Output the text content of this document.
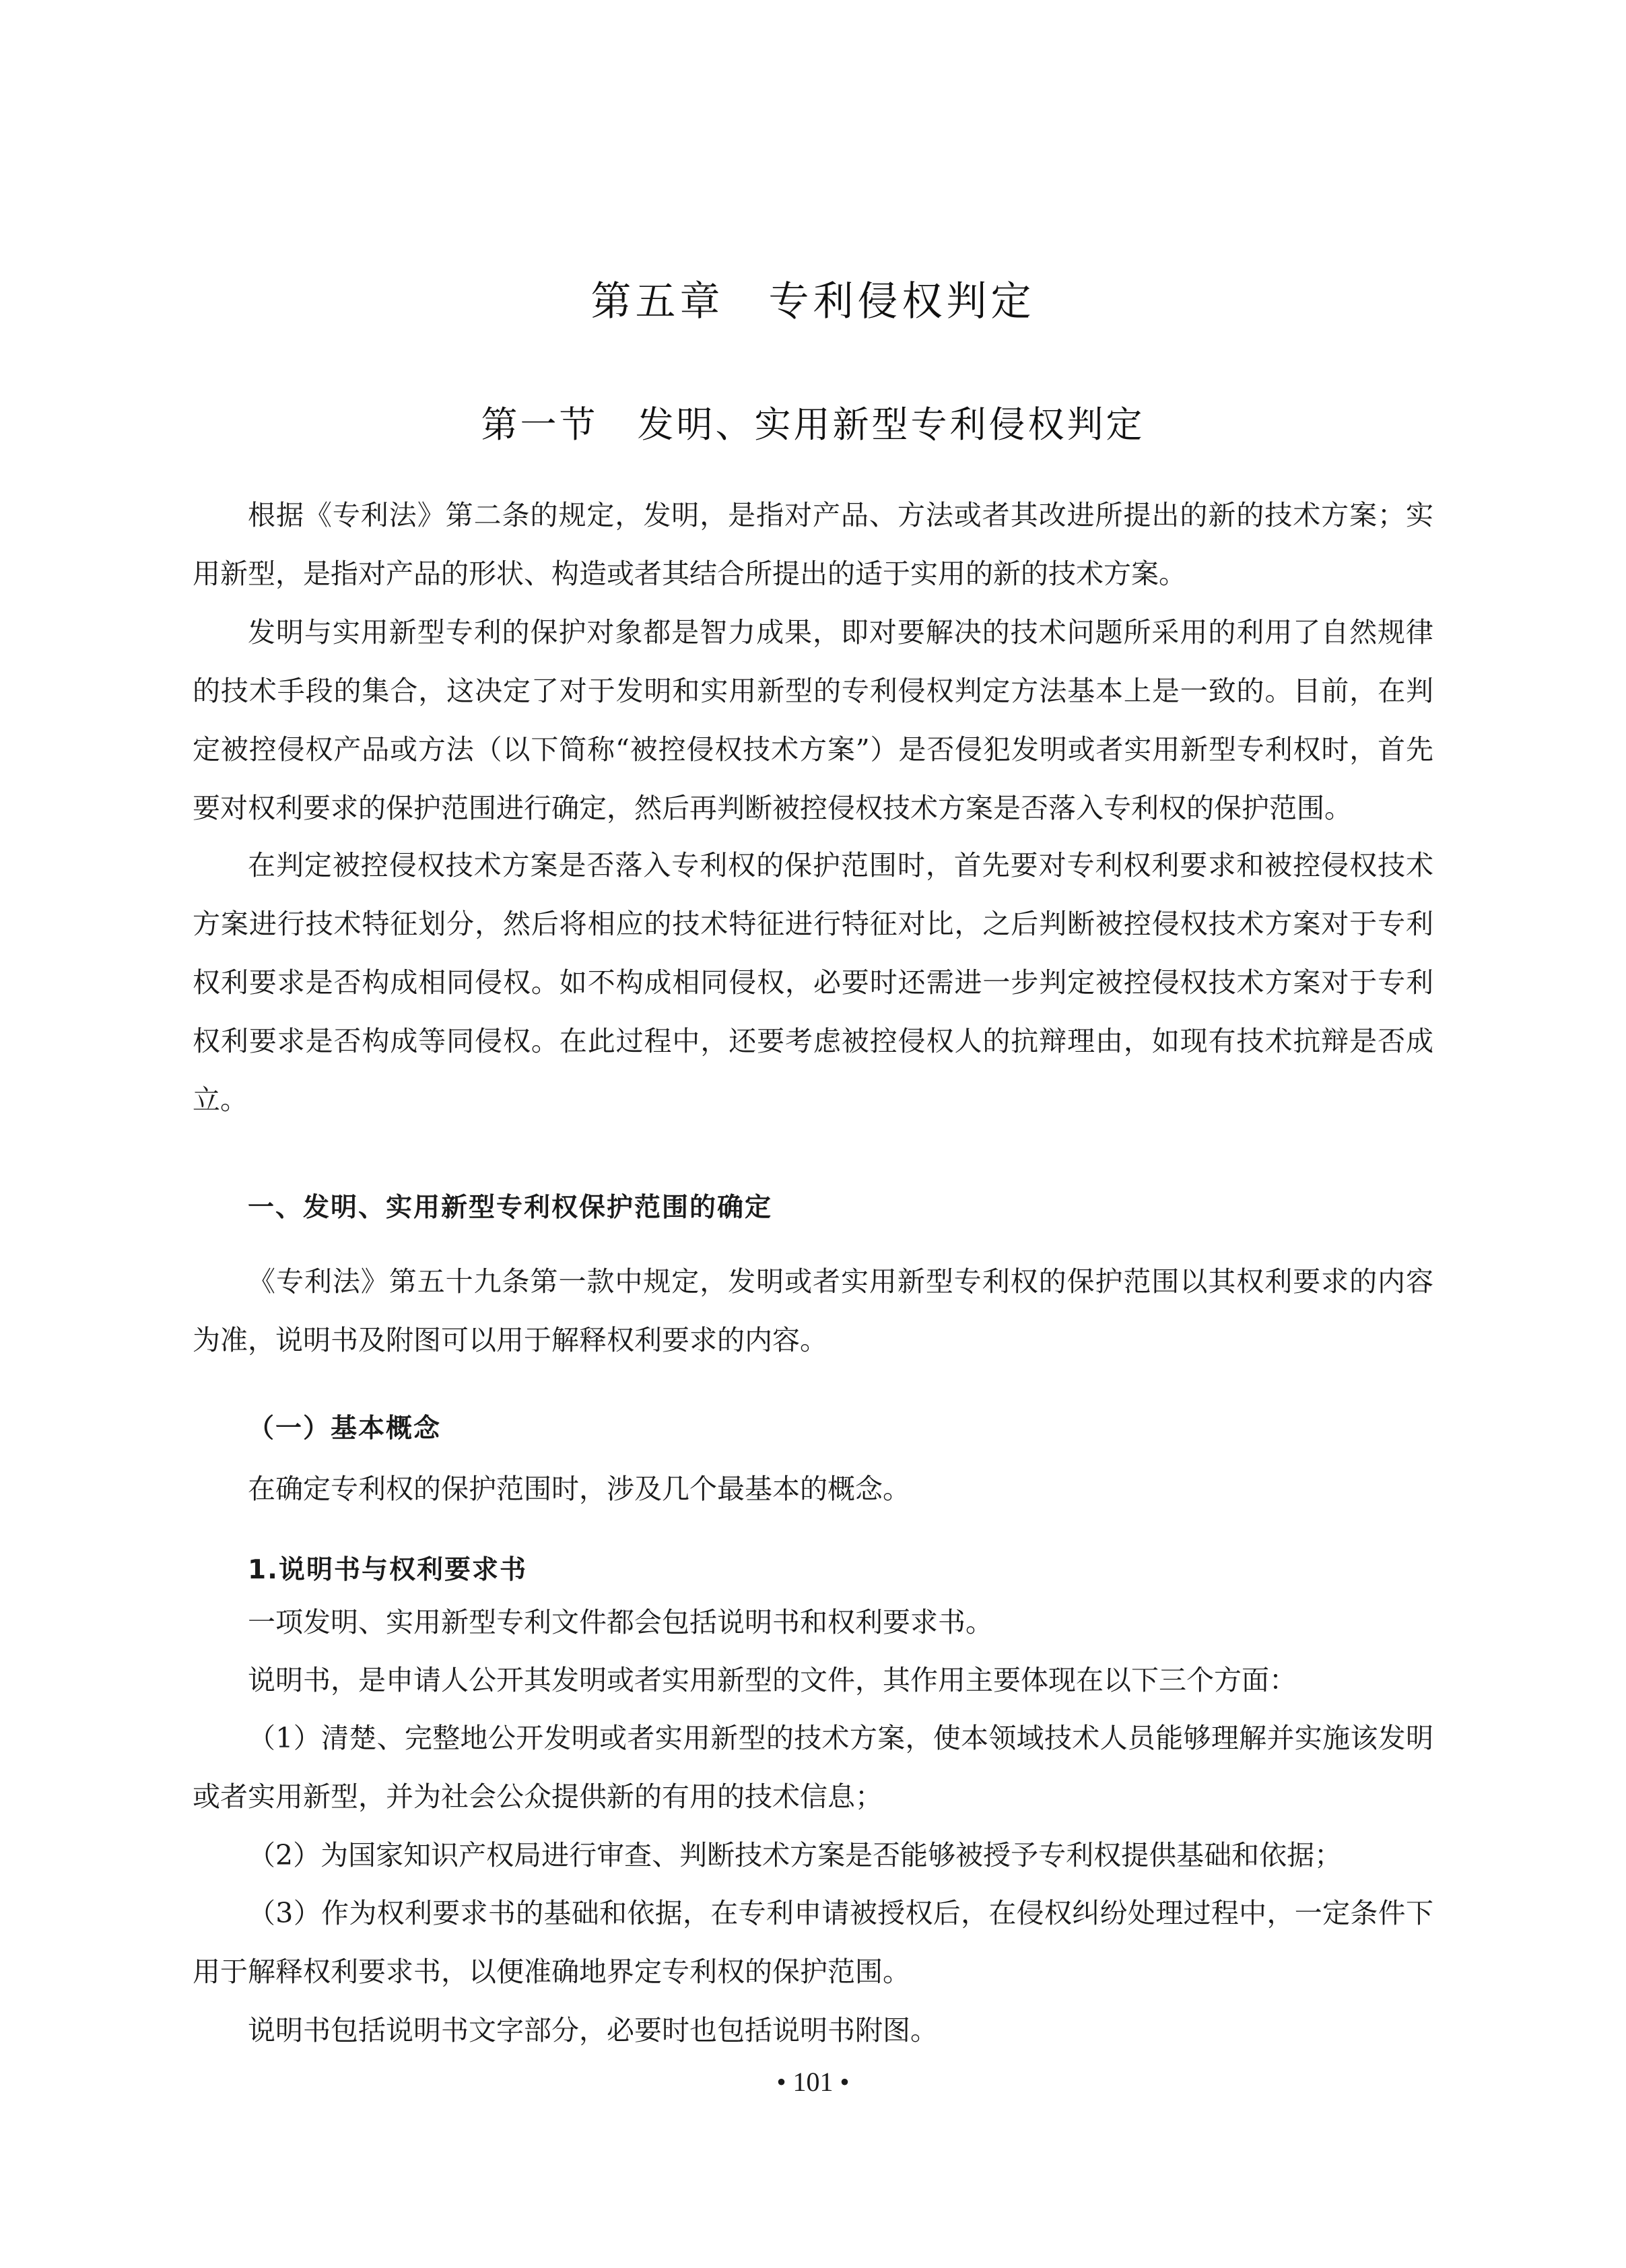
第五章　专利侵权判定
第一节　发明、实用新型专利侵权判定

根据《专利法》第二条的规定，发明，是指对产品、方法或者其改进所提出的新的技术方案；实用新型，是指对产品的形状、构造或者其结合所提出的适于实用的新的技术方案。

发明与实用新型专利的保护对象都是智力成果，即对要解决的技术问题所采用的利用了自然规律的技术手段的集合，这决定了对于发明和实用新型的专利侵权判定方法基本上是一致的。目前，在判定被控侵权产品或方法（以下简称“被控侵权技术方案”）是否侵犯发明或者实用新型专利权时，首先要对权利要求的保护范围进行确定，然后再判断被控侵权技术方案是否落入专利权的保护范围。

在判定被控侵权技术方案是否落入专利权的保护范围时，首先要对专利权利要求和被控侵权技术方案进行技术特征划分，然后将相应的技术特征进行特征对比，之后判断被控侵权技术方案对于专利权利要求是否构成相同侵权。如不构成相同侵权，必要时还需进一步判定被控侵权技术方案对于专利权利要求是否构成等同侵权。在此过程中，还要考虑被控侵权人的抗辩理由，如现有技术抗辩是否成立。

一、发明、实用新型专利权保护范围的确定

《专利法》第五十九条第一款中规定，发明或者实用新型专利权的保护范围以其权利要求的内容为准，说明书及附图可以用于解释权利要求的内容。

（一）基本概念

在确定专利权的保护范围时，涉及几个最基本的概念。

1.说明书与权利要求书

一项发明、实用新型专利文件都会包括说明书和权利要求书。

说明书，是申请人公开其发明或者实用新型的文件，其作用主要体现在以下三个方面：

（1）清楚、完整地公开发明或者实用新型的技术方案，使本领域技术人员能够理解并实施该发明或者实用新型，并为社会公众提供新的有用的技术信息；

（2）为国家知识产权局进行审查、判断技术方案是否能够被授予专利权提供基础和依据；

（3）作为权利要求书的基础和依据，在专利申请被授权后，在侵权纠纷处理过程中，一定条件下用于解释权利要求书，以便准确地界定专利权的保护范围。

说明书包括说明书文字部分，必要时也包括说明书附图。

• 101 •
